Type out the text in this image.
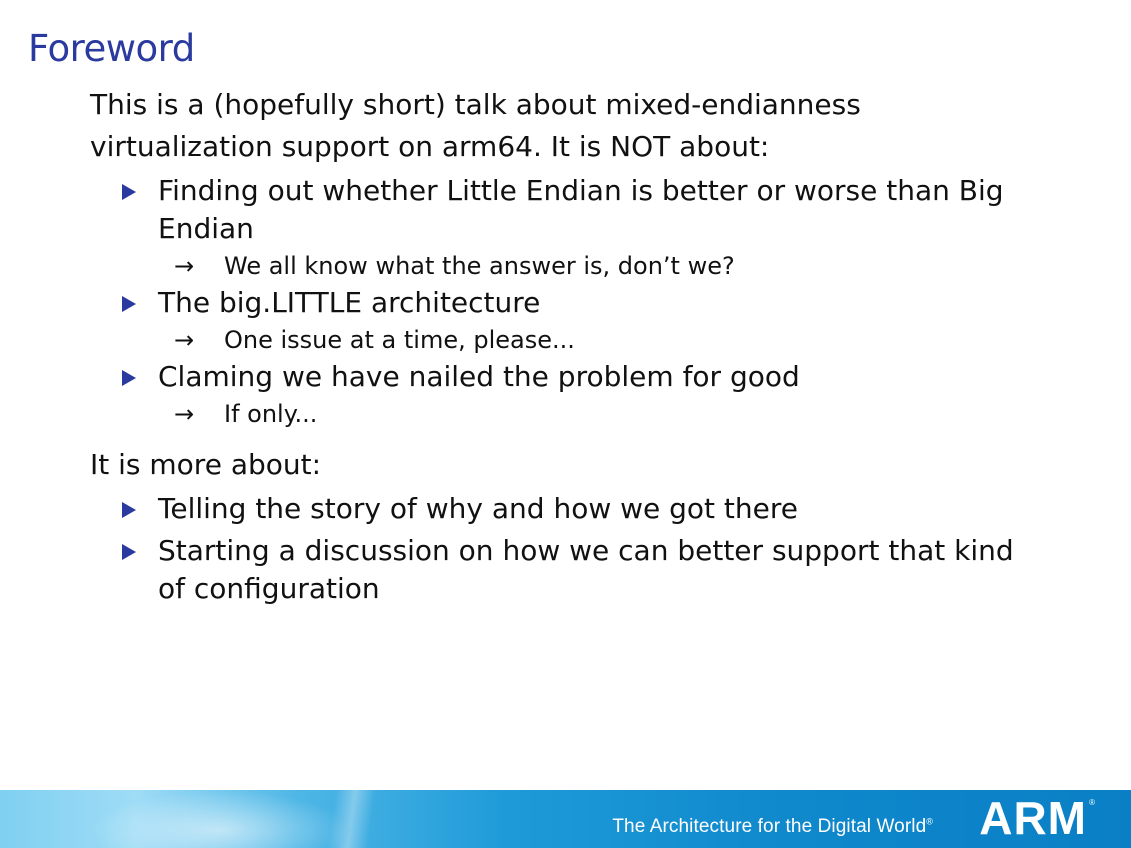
Foreword

This is a (hopefully short) talk about mixed-endianness
virtualization support on arm64. It is NOT about:

Finding out whether Little Endian is better or worse than Big
Endian
→ We all know what the answer is, don’t we?
The big.LITTLE architecture
→ One issue at a time, please...
Claming we have nailed the problem for good
→ If only...

It is more about:

Telling the story of why and how we got there
Starting a discussion on how we can better support that kind
of configuration
The Architecture for the Digital World® ARM ®
